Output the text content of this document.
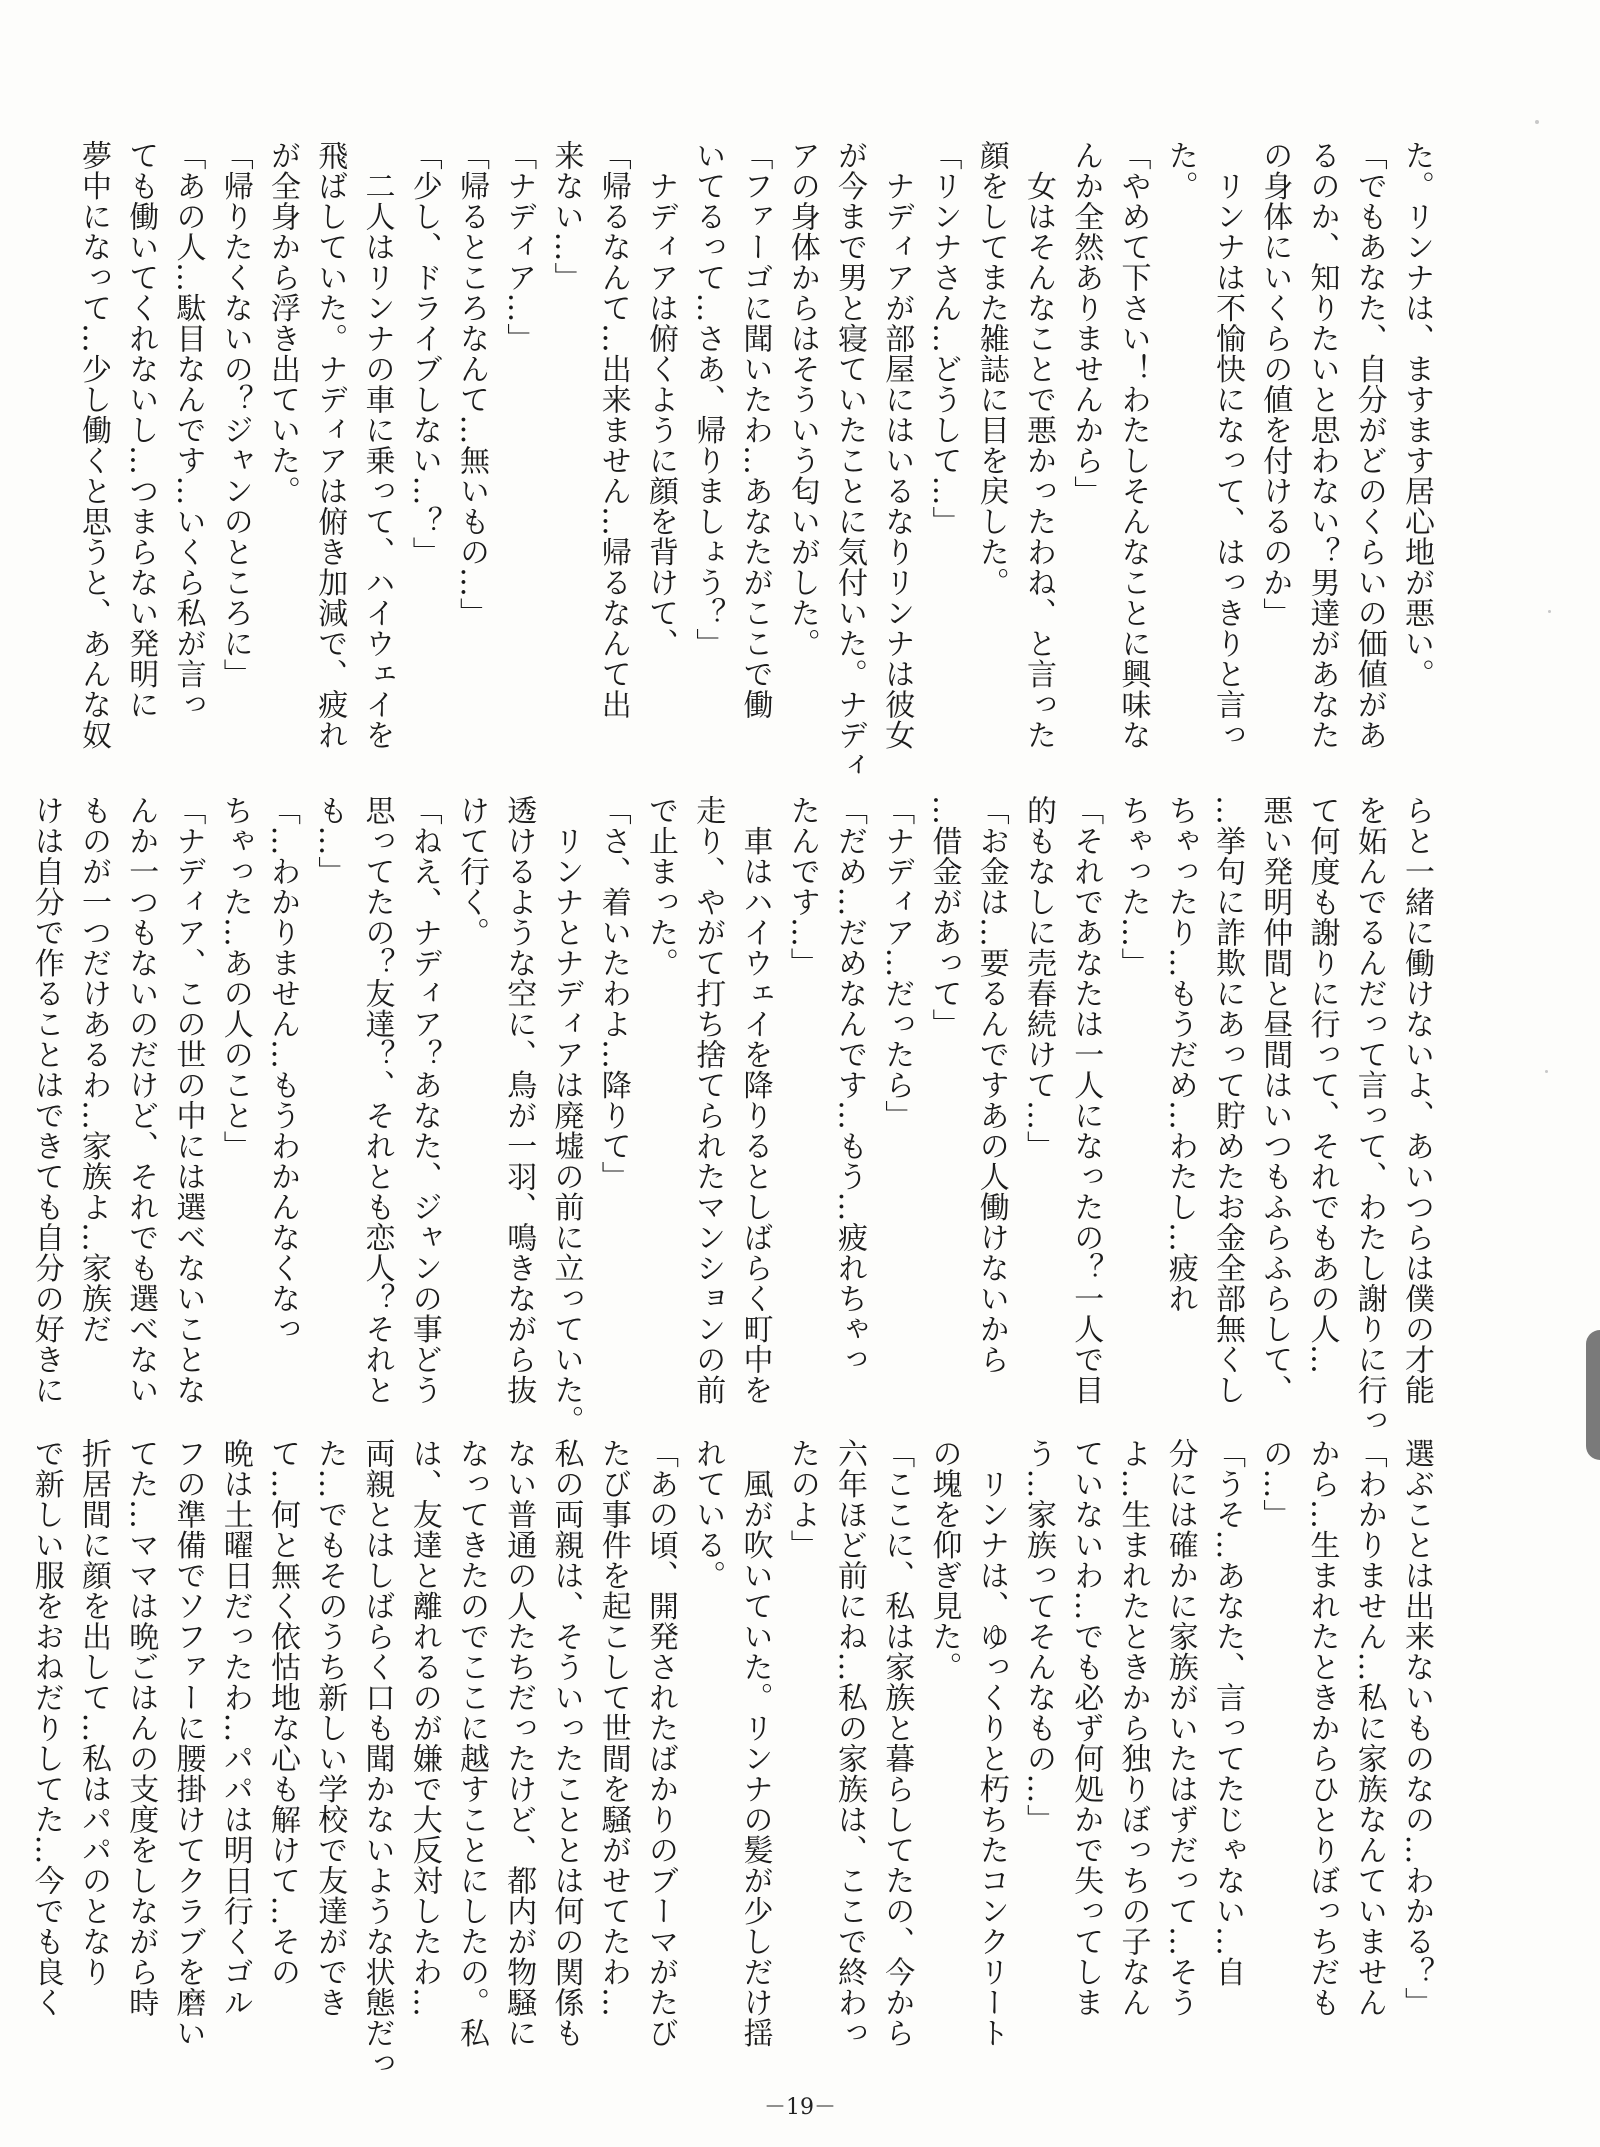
た。リンナは、ますます居心地が悪い。

「でもあなた、自分がどのくらいの価値があ

るのか、知りたいと思わない？男達があなた

の身体にいくらの値を付けるのか」

　リンナは不愉快になって、はっきりと言っ

た。

「やめて下さい！わたしそんなことに興味な

んか全然ありませんから」

　女はそんなことで悪かったわね、と言った

顔をしてまた雑誌に目を戻した。

「リンナさん…どうして…」

　ナディアが部屋にはいるなりリンナは彼女

が今まで男と寝ていたことに気付いた。ナディ

アの身体からはそういう匂いがした。

「ファーゴに聞いたわ…あなたがここで働

いてるって…さあ、帰りましょう？」

　ナディアは俯くように顔を背けて、

「帰るなんて…出来ません…帰るなんて出

来ない…」

「ナディア…」

「帰るところなんて…無いもの…」

「少し、ドライブしない…？」

　二人はリンナの車に乗って、ハイウェイを

飛ばしていた。ナディアは俯き加減で、疲れ

が全身から浮き出ていた。

「帰りたくないの？ジャンのところに」

「あの人…駄目なんです…いくら私が言っ

ても働いてくれないし…つまらない発明に

夢中になって…少し働くと思うと、あんな奴

らと一緒に働けないよ、あいつらは僕の才能

を妬んでるんだって言って、わたし謝りに行っ

て何度も謝りに行って、それでもあの人…

悪い発明仲間と昼間はいつもふらふらして、

…挙句に詐欺にあって貯めたお金全部無くし

ちゃったり…もうだめ…わたし…疲れ

ちゃった…」

「それであなたは一人になったの？一人で目

的もなしに売春続けて…」

「お金は…要るんですあの人働けないから

…借金があって」

「ナディア…だったら」

「だめ…だめなんです…もう…疲れちゃっ

たんです…」

　車はハイウェイを降りるとしばらく町中を

走り、やがて打ち捨てられたマンションの前

で止まった。

「さ、着いたわよ…降りて」

　リンナとナディアは廃墟の前に立っていた。

透けるような空に、鳥が一羽、鳴きながら抜

けて行く。

「ねえ、ナディア？あなた、ジャンの事どう

思ってたの？友達？、それとも恋人？それと

も…」

「…わかりません…もうわかんなくなっ

ちゃった…あの人のこと」

「ナディア、この世の中には選べないことな

んか一つもないのだけど、それでも選べない

ものが一つだけあるわ…家族よ…家族だ

けは自分で作ることはできても自分の好きに

選ぶことは出来ないものなの…わかる？」

「わかりません…私に家族なんていません

から…生まれたときからひとりぼっちだも

の…」

「うそ…あなた、言ってたじゃない…自

分には確かに家族がいたはずだって…そう

よ…生まれたときから独りぼっちの子なん

ていないわ…でも必ず何処かで失ってしま

う…家族ってそんなもの…」

　リンナは、ゆっくりと朽ちたコンクリート

の塊を仰ぎ見た。

「ここに、私は家族と暮らしてたの、今から

六年ほど前にね…私の家族は、ここで終わっ

たのよ」

　風が吹いていた。リンナの髪が少しだけ揺

れている。

「あの頃、開発されたばかりのブーマがたび

たび事件を起こして世間を騒がせてたわ…

私の両親は、そういったこととは何の関係も

ない普通の人たちだったけど、都内が物騒に

なってきたのでここに越すことにしたの。私

は、友達と離れるのが嫌で大反対したわ…

両親とはしばらく口も聞かないような状態だっ

た…でもそのうち新しい学校で友達ができ

て…何と無く依怙地な心も解けて…その

晩は土曜日だったわ…パパは明日行くゴル

フの準備でソファーに腰掛けてクラブを磨い

てた…ママは晩ごはんの支度をしながら時

折居間に顔を出して…私はパパのとなり

で新しい服をおねだりしてた…今でも良く

－19－
